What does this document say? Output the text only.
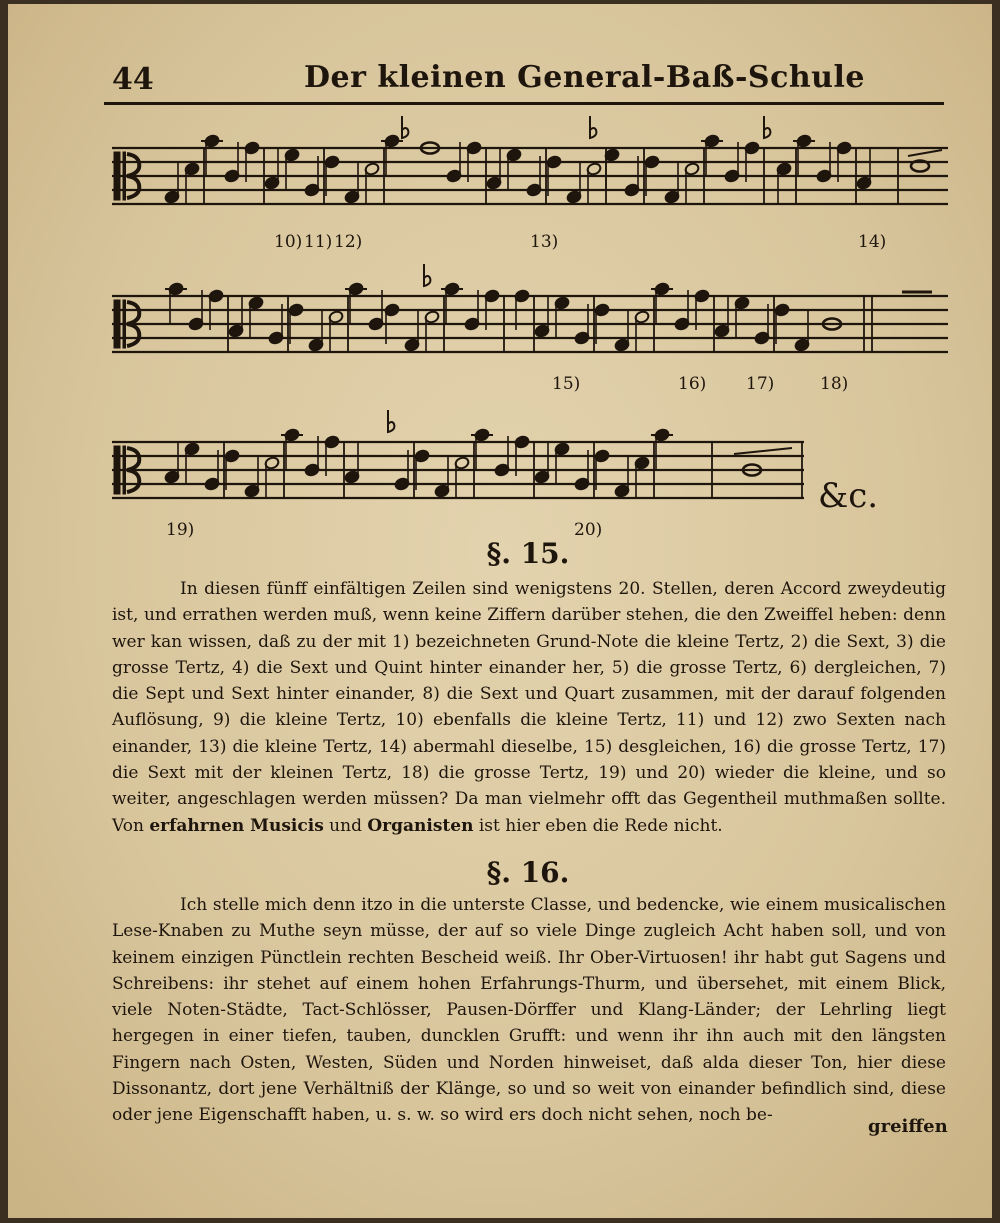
44	Der kleinen General-Baß-Schule
10) 11) 12)	13)	14)
15)	16) 17)	18)
&c.
19)	20)
§. 15.

In diesen fünff einfältigen Zeilen sind wenigstens 20. Stellen, deren Accord zweydeutig ist, und errathen werden muß, wenn keine Ziffern darüber stehen, die den Zweiffel heben: denn wer kan wissen, daß zu der mit 1) bezeichneten Grund-Note die kleine Tertz, 2) die Sext, 3) die grosse Tertz, 4) die Sext und Quint hinter einander her, 5) die grosse Tertz, 6) dergleichen, 7) die Sept und Sext hinter einander, 8) die Sext und Quart zusammen, mit der darauf folgenden Auflösung, 9) die kleine Tertz, 10) ebenfalls die kleine Tertz, 11) und 12) zwo Sexten nach einander, 13) die kleine Tertz, 14) abermahl dieselbe, 15) desgleichen, 16) die grosse Tertz, 17) die Sext mit der kleinen Tertz, 18) die grosse Tertz, 19) und 20) wieder die kleine, und so weiter, angeschlagen werden müssen? Da man vielmehr offt das Gegentheil muthmaßen sollte. Von erfahrnen Musicis und Organisten ist hier eben die Rede nicht.

§. 16.

Ich stelle mich denn itzo in die unterste Classe, und bedencke, wie einem musicalischen Lese-Knaben zu Muthe seyn müsse, der auf so viele Dinge zugleich Acht haben soll, und von keinem einzigen Pünctlein rechten Bescheid weiß. Ihr Ober-Virtuosen! ihr habt gut Sagens und Schreibens: ihr stehet auf einem hohen Erfahrungs-Thurm, und übersehet, mit einem Blick, viele Noten-Städte, Tact-Schlösser, Pausen-Dörffer und Klang-Länder; der Lehrling liegt hergegen in einer tiefen, tauben, duncklen Grufft: und wenn ihr ihn auch mit den längsten Fingern nach Osten, Westen, Süden und Norden hinweiset, daß alda dieser Ton, hier diese Dissonantz, dort jene Verhältniß der Klänge, so und so weit von einander befindlich sind, diese oder jene Eigenschafft haben, u. s. w. so wird ers doch nicht sehen, noch be-

greiffen
